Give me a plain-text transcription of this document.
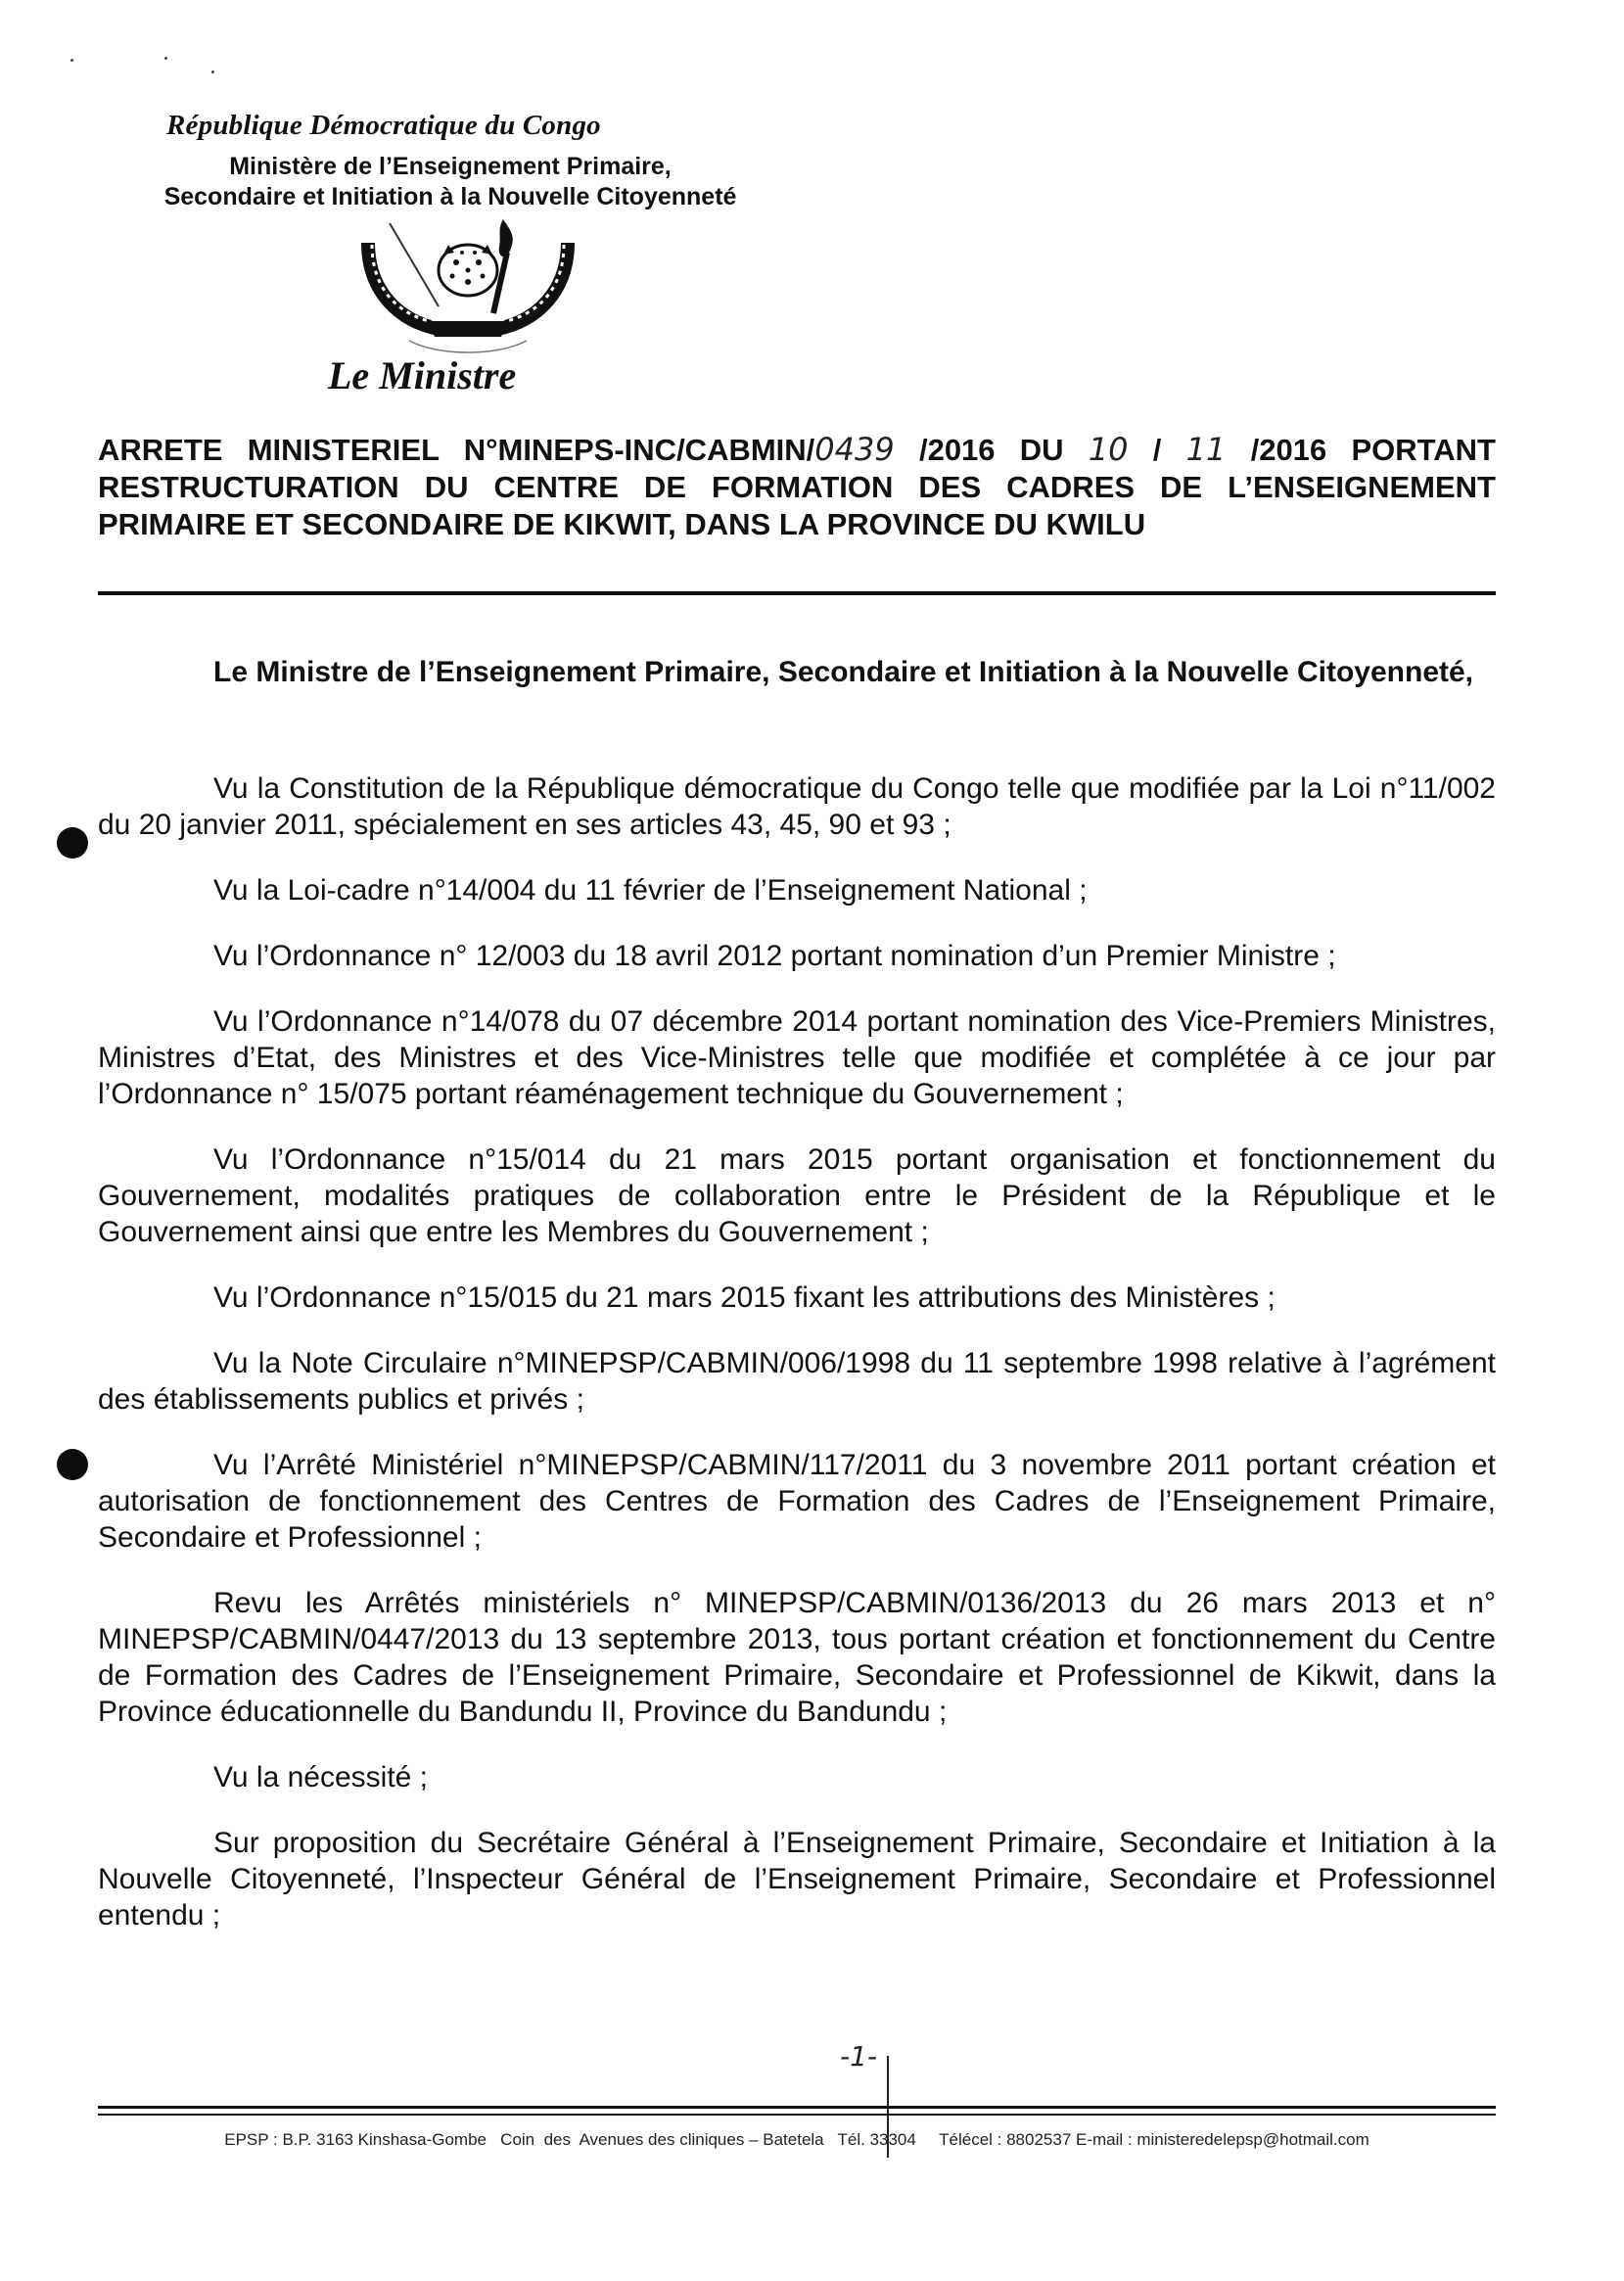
République Démocratique du Congo
Ministère de l’Enseignement Primaire,
Secondaire et Initiation à la Nouvelle Citoyenneté
Le Ministre
ARRETE MINISTERIEL N°MINEPS-INC/CABMIN/0439 /2016 DU 10 / 11 /2016 PORTANT RESTRUCTURATION DU CENTRE DE FORMATION DES CADRES DE L’ENSEIGNEMENT PRIMAIRE ET SECONDAIRE DE KIKWIT, DANS LA PROVINCE DU KWILU
Le Ministre de l’Enseignement Primaire, Secondaire et Initiation à la Nouvelle Citoyenneté,

Vu la Constitution de la République démocratique du Congo telle que modifiée par la Loi n°11/002 du 20 janvier 2011, spécialement en ses articles 43, 45, 90 et 93 ;

Vu la Loi-cadre n°14/004 du 11 février de l’Enseignement National ;

Vu l’Ordonnance n° 12/003 du 18 avril 2012 portant nomination d’un Premier Ministre ;

Vu l’Ordonnance n°14/078 du 07 décembre 2014 portant nomination des Vice-Premiers Ministres, Ministres d’Etat, des Ministres et des Vice-Ministres telle que modifiée et complétée à ce jour par l’Ordonnance n° 15/075 portant réaménagement technique du Gouvernement ;

Vu l’Ordonnance n°15/014 du 21 mars 2015 portant organisation et fonctionnement du Gouvernement, modalités pratiques de collaboration entre le Président de la République et le Gouvernement ainsi que entre les Membres du Gouvernement ;

Vu l’Ordonnance n°15/015 du 21 mars 2015 fixant les attributions des Ministères ;

Vu la Note Circulaire n°MINEPSP/CABMIN/006/1998 du 11 septembre 1998 relative à l’agrément des établissements publics et privés ;

Vu l’Arrêté Ministériel n°MINEPSP/CABMIN/117/2011 du 3 novembre 2011 portant création et autorisation de fonctionnement des Centres de Formation des Cadres de l’Enseignement Primaire, Secondaire et Professionnel ;

Revu les Arrêtés ministériels n° MINEPSP/CABMIN/0136/2013 du 26 mars 2013 et n° MINEPSP/CABMIN/0447/2013 du 13 septembre 2013, tous portant création et fonctionnement du Centre de Formation des Cadres de l’Enseignement Primaire, Secondaire et Professionnel de Kikwit, dans la Province éducationnelle du Bandundu II, Province du Bandundu ;

Vu la nécessité ;

Sur proposition du Secrétaire Général à l’Enseignement Primaire, Secondaire et Initiation à la Nouvelle Citoyenneté, l’Inspecteur Général de l’Enseignement Primaire, Secondaire et Professionnel entendu ;

-1-
EPSP : B.P. 3163 Kinshasa-Gombe   Coin  des  Avenues des cliniques – Batetela   Tél. 33304     Télécel : 8802537 E-mail : ministeredelepsp@hotmail.com
